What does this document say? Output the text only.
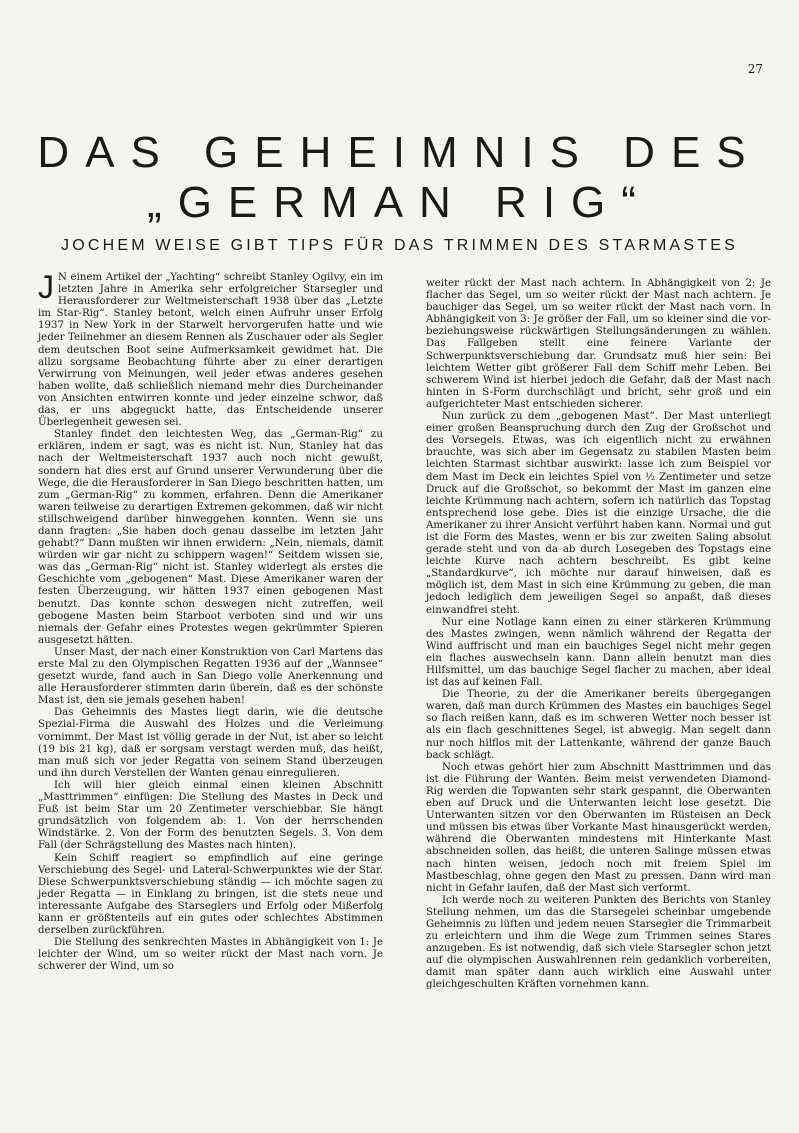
27
DAS GEHEIMNIS DES
„GERMAN RIG“
JOCHEM WEISE GIBT TIPS FÜR DAS TRIMMEN DES STARMASTES

J N einem Artikel der „Yachting“ schreibt Stanley Ogilvy, ein im letzten Jahre in Amerika sehr erfolgreicher Starsegler und Herausforderer zur Weltmeisterschaft 1938 über das „Letzte im Star-Rig“. Stanley betont, welch einen Aufruhr unser Erfolg 1937 in New York in der Starwelt hervorgerufen hatte und wie jeder Teilnehmer an diesem Rennen als Zuschauer oder als Segler dem deutschen Boot seine Aufmerksamkeit gewidmet hat. Die allzu sorgsame Beobachtung führte aber zu einer derartigen Verwirrung von Meinungen, weil jeder etwas anderes gesehen haben wollte, daß schließlich niemand mehr dies Durcheinander von Ansichten entwirren konnte und jeder einzelne schwor, daß das, er uns abgeguckt hatte, das Entscheidende unserer Überlegenheit gewesen sei.

Stanley findet den leichtesten Weg, das „German-Rig“ zu erklären, indem er sagt, was es nicht ist. Nun, Stanley hat das nach der Weltmeisterschaft 1937 auch noch nicht gewußt, sondern hat dies erst auf Grund unserer Verwunderung über die Wege, die die Herausforderer in San Diego beschritten hatten, um zum „German-Rig“ zu kommen, erfahren. Denn die Amerikaner waren teilweise zu derartigen Extremen gekommen, daß wir nicht stillschweigend darüber hinweggehen konnten. Wenn sie uns dann fragten: „Sie haben doch genau dasselbe im letzten Jahr gehabt?“ Dann mußten wir ihnen erwidern: „Nein, niemals, damit würden wir gar nicht zu schippern wagen!“ Seitdem wissen sie, was das „German-Rig“ nicht ist. Stanley widerlegt als erstes die Geschichte vom „gebogenen“ Mast. Diese Amerikaner waren der festen Überzeugung, wir hätten 1937 einen gebogenen Mast benutzt. Das konnte schon deswegen nicht zutreffen, weil gebogene Masten beim Starboot verboten sind und wir uns niemals der Gefahr eines Protestes wegen gekrümmter Spieren ausgesetzt hätten.

Unser Mast, der nach einer Konstruktion von Carl Martens das erste Mal zu den Olympischen Regatten 1936 auf der „Wannsee“ gesetzt wurde, fand auch in San Diego volle Anerkennung und alle Herausforderer stimmten darin überein, daß es der schönste Mast ist, den sie jemals gesehen haben!

Das Geheimnis des Mastes liegt darin, wie die deutsche Spezial-Firma die Auswahl des Holzes und die Verleimung vornimmt. Der Mast ist völlig gerade in der Nut, ist aber so leicht (19 bis 21 kg), daß er sorgsam verstagt werden muß, das heißt, man muß sich vor jeder Regatta von seinem Stand überzeugen und ihn durch Verstellen der Wanten genau einregulieren.

Ich will hier gleich einmal einen kleinen Abschnitt „Masttrimmen“ einfügen: Die Stellung des Mastes in Deck und Fuß ist beim Star um 20 Zentimeter verschiebbar. Sie hängt grundsätzlich von folgendem ab: 1. Von der herrschenden Windstärke. 2. Von der Form des benutzten Segels. 3. Von dem Fall (der Schrägstellung des Mastes nach hinten).

Kein Schiff reagiert so empfindlich auf eine geringe Verschiebung des Segel- und Lateral-Schwerpunktes wie der Star. Diese Schwerpunktsverschiebung ständig — ich möchte sagen zu jeder Regatta — in Einklang zu bringen, ist die stets neue und interessante Aufgabe des Starseglers und Erfolg oder Mißerfolg kann er größtenteils auf ein gutes oder schlechtes Abstimmen derselben zurückführen.

Die Stellung des senkrechten Mastes in Abhängigkeit von 1: Je leichter der Wind, um so weiter rückt der Mast nach vorn. Je schwerer der Wind, um so

weiter rückt der Mast nach achtern. In Abhängigkeit von 2: Je flacher das Segel, um so weiter rückt der Mast nach achtern. Je bauchiger das Segel, um so weiter rückt der Mast nach vorn. In Abhängigkeit von 3: Je größer der Fall, um so kleiner sind die vor- beziehungsweise rückwärtigen Stellungsänderungen zu wählen. Das Fallgeben stellt eine feinere Variante der Schwerpunktsverschiebung dar. Grundsatz muß hier sein: Bei leichtem Wetter gibt größerer Fall dem Schiff mehr Leben. Bei schwerem Wind ist hierbei jedoch die Gefahr, daß der Mast nach hinten in S-Form durchschlägt und bricht, sehr groß und ein aufgerichteter Mast entschieden sicherer.

Nun zurück zu dem „gebogenen Mast“. Der Mast unterliegt einer großen Beanspruchung durch den Zug der Großschot und des Vorsegels. Etwas, was ich eigentlich nicht zu erwähnen brauchte, was sich aber im Gegensatz zu stabilen Masten beim leichten Starmast sichtbar auswirkt: lasse ich zum Beispiel vor dem Mast im Deck ein leichtes Spiel von ½ Zentimeter und setze Druck auf die Großschot, so bekommt der Mast im ganzen eine leichte Krümmung nach achtern, sofern ich natürlich das Topstag entsprechend lose gebe. Dies ist die einzige Ursache, die die Amerikaner zu ihrer Ansicht verführt haben kann. Normal und gut ist die Form des Mastes, wenn er bis zur zweiten Saling absolut gerade steht und von da ab durch Losegeben des Topstags eine leichte Kurve nach achtern beschreibt. Es gibt keine „Standardkurve“, ich möchte nur darauf hinweisen, daß es möglich ist, dem Mast in sich eine Krümmung zu geben, die man jedoch lediglich dem jeweiligen Segel so anpaßt, daß dieses einwandfrei steht.

Nur eine Notlage kann einen zu einer stärkeren Krümmung des Mastes zwingen, wenn nämlich während der Regatta der Wind auffrischt und man ein bauchiges Segel nicht mehr gegen ein flaches auswechseln kann. Dann allein benutzt man dies Hilfsmittel, um das bauchige Segel flacher zu machen, aber ideal ist das auf keinen Fall.

Die Theorie, zu der die Amerikaner bereits übergegangen waren, daß man durch Krümmen des Mastes ein bauchiges Segel so flach reißen kann, daß es im schweren Wetter noch besser ist als ein flach geschnittenes Segel, ist abwegig. Man segelt dann nur noch hilflos mit der Lattenkante, während der ganze Bauch back schlägt.

Noch etwas gehört hier zum Abschnitt Masttrimmen und das ist die Führung der Wanten. Beim meist verwendeten Diamond-Rig werden die Topwanten sehr stark gespannt, die Oberwanten eben auf Druck und die Unterwanten leicht lose gesetzt. Die Unterwanten sitzen vor den Oberwanten im Rüsteisen an Deck und müssen bis etwas über Vorkante Mast hinausgerückt werden, während die Oberwanten mindestens mit Hinterkante Mast abschneiden sollen, das heißt, die unteren Salinge müssen etwas nach hinten weisen, jedoch noch mit freiem Spiel im Mastbeschlag, ohne gegen den Mast zu pressen. Dann wird man nicht in Gefahr laufen, daß der Mast sich verformt.

Ich werde noch zu weiteren Punkten des Berichts von Stanley Stellung nehmen, um das die Starsegelei scheinbar umgebende Geheimnis zu lüften und jedem neuen Starsegler die Trimmarbeit zu erleichtern und ihm die Wege zum Trimmen seines Stares anzugeben. Es ist notwendig, daß sich viele Starsegler schon jetzt auf die olympischen Auswahlrennen rein gedanklich vorbereiten, damit man später dann auch wirklich eine Auswahl unter gleichgeschulten Kräften vornehmen kann.
